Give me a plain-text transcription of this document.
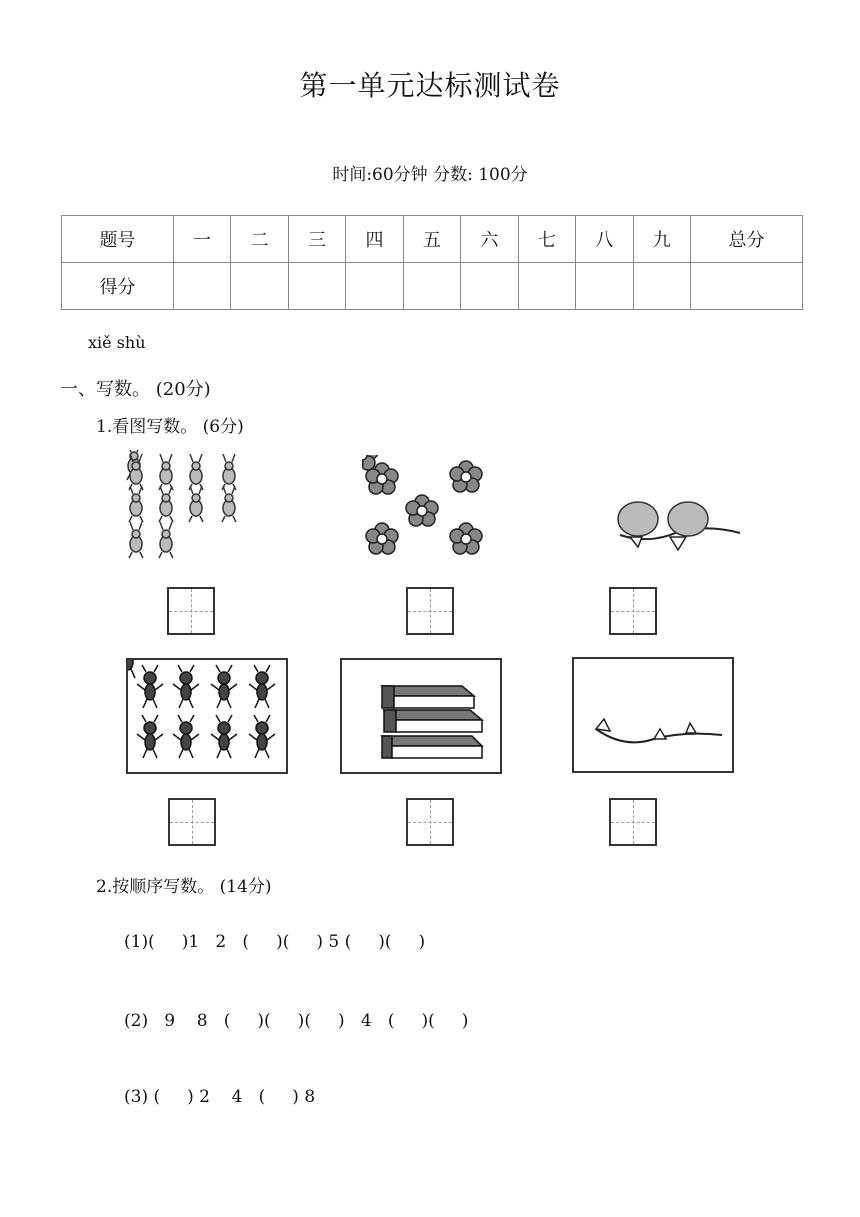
第一单元达标测试卷
时间:60分钟 分数: 100分
题号	一	二	三	四	五	六	七	八	九	总分
得分										
xiě shù
一、写数。 (20分)
1.看图写数。 (6分)
2.按顺序写数。 (14分)
(1)(     )1   2   (     )(     ) 5 (     )(     )
(2)   9    8   (     )(     )(     )   4   (     )(     )
(3) (     ) 2    4   (     ) 8
